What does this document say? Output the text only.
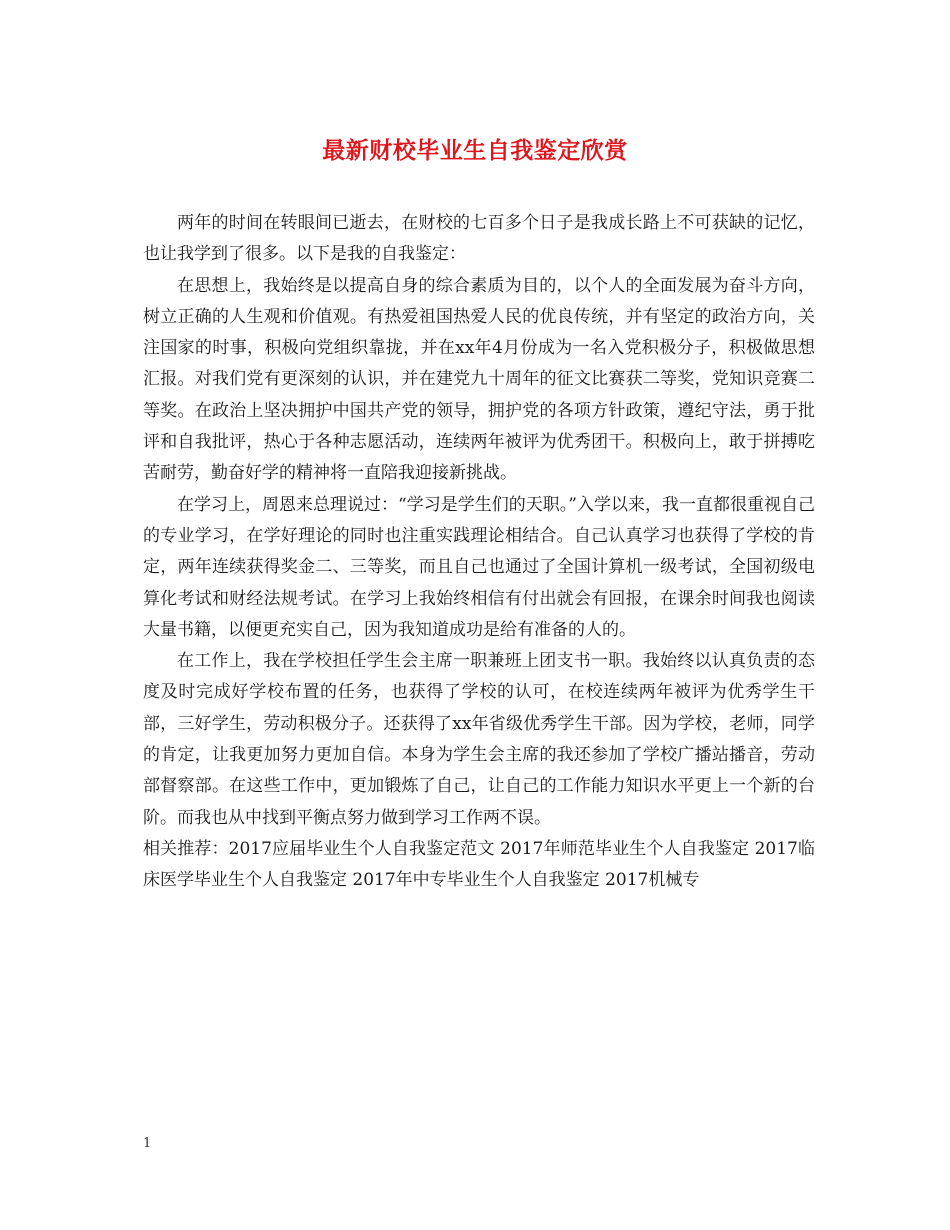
最新财校毕业生自我鉴定欣赏

两年的时间在转眼间已逝去，在财校的七百多个日子是我成长路上不可获缺的记忆，也让我学到了很多。以下是我的自我鉴定：

在思想上，我始终是以提高自身的综合素质为目的，以个人的全面发展为奋斗方向，树立正确的人生观和价值观。有热爱祖国热爱人民的优良传统，并有坚定的政治方向，关注国家的时事，积极向党组织靠拢，并在xx年4月份成为一名入党积极分子，积极做思想汇报。对我们党有更深刻的认识，并在建党九十周年的征文比赛获二等奖，党知识竞赛二等奖。在政治上坚决拥护中国共产党的领导，拥护党的各项方针政策，遵纪守法，勇于批评和自我批评，热心于各种志愿活动，连续两年被评为优秀团干。积极向上，敢于拼搏吃苦耐劳，勤奋好学的精神将一直陪我迎接新挑战。

在学习上，周恩来总理说过：“学习是学生们的天职。”入学以来，我一直都很重视自己的专业学习，在学好理论的同时也注重实践理论相结合。自己认真学习也获得了学校的肯定，两年连续获得奖金二、三等奖，而且自己也通过了全国计算机一级考试，全国初级电算化考试和财经法规考试。在学习上我始终相信有付出就会有回报，在课余时间我也阅读大量书籍，以便更充实自己，因为我知道成功是给有准备的人的。

在工作上，我在学校担任学生会主席一职兼班上团支书一职。我始终以认真负责的态度及时完成好学校布置的任务，也获得了学校的认可，在校连续两年被评为优秀学生干部，三好学生，劳动积极分子。还获得了xx年省级优秀学生干部。因为学校，老师，同学的肯定，让我更加努力更加自信。本身为学生会主席的我还参加了学校广播站播音，劳动部督察部。在这些工作中，更加锻炼了自己，让自己的工作能力知识水平更上一个新的台阶。而我也从中找到平衡点努力做到学习工作两不误。

相关推荐：2017应届毕业生个人自我鉴定范文 2017年师范毕业生个人自我鉴定 2017临床医学毕业生个人自我鉴定 2017年中专毕业生个人自我鉴定 2017机械专

1
